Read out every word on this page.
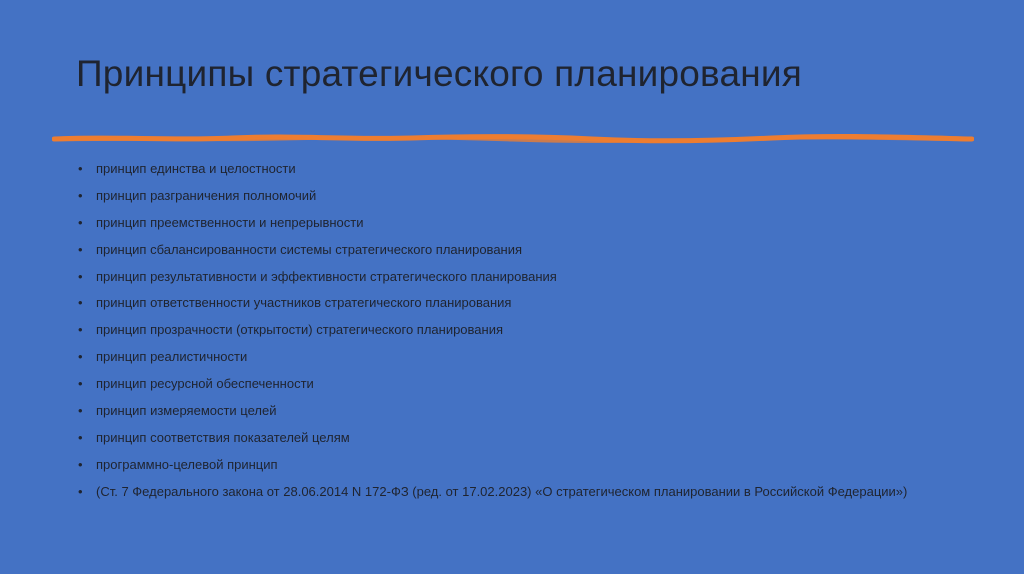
Принципы стратегического планирования
•	принцип единства и целостности
•	принцип разграничения полномочий
•	принцип преемственности и непрерывности
•	принцип сбалансированности системы стратегического планирования
•	принцип результативности и эффективности стратегического планирования
•	принцип ответственности участников стратегического планирования
•	принцип прозрачности (открытости) стратегического планирования
•	принцип реалистичности
•	принцип ресурсной обеспеченности
•	принцип измеряемости целей
•	принцип соответствия показателей целям
•	программно-целевой принцип
•	(Ст. 7 Федерального закона от 28.06.2014 N 172-ФЗ (ред. от 17.02.2023) «О стратегическом планировании в Российской Федерации»)
